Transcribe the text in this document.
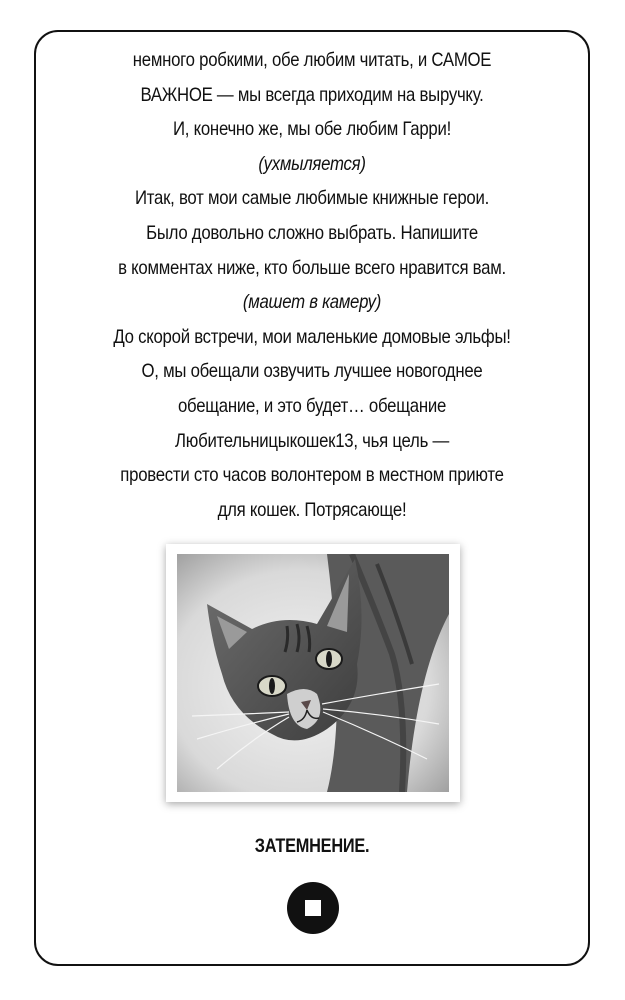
немного робкими, обе любим читать, и САМОЕ
ВАЖНОЕ — мы всегда приходим на выручку.
И, конечно же, мы обе любим Гарри!
(ухмыляется)
Итак, вот мои самые любимые книжные герои.
Было довольно сложно выбрать. Напишите
в комментах ниже, кто больше всего нравится вам.
(машет в камеру)
До скорой встречи, мои маленькие домовые эльфы!
О, мы обещали озвучить лучшее новогоднее
обещание, и это будет… обещание
Любительницыкошек13, чья цель —
провести сто часов волонтером в местном приюте
для кошек. Потрясающе!
ЗАТЕМНЕНИЕ.
